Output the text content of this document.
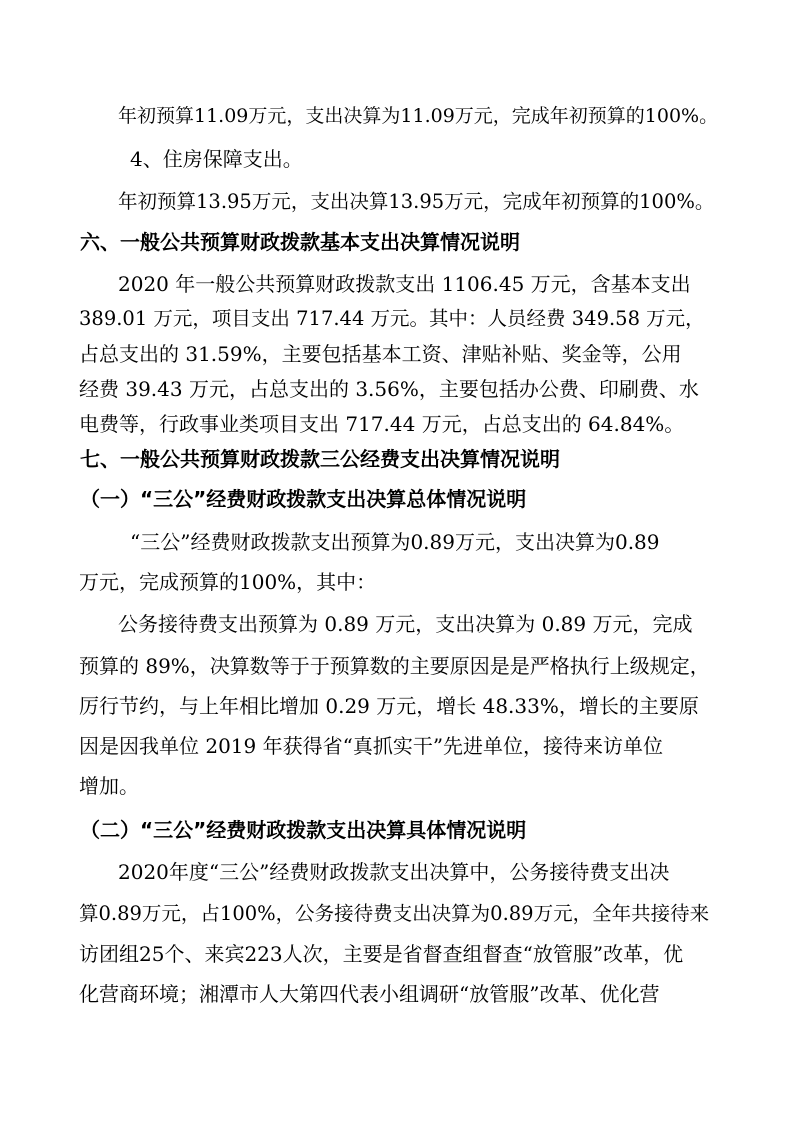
年初预算11.09万元，支出决算为11.09万元，完成年初预算的100%。
4、住房保障支出。
年初预算13.95万元，支出决算13.95万元，完成年初预算的100%。
六、一般公共预算财政拨款基本支出决算情况说明
2020 年一般公共预算财政拨款支出 1106.45 万元，含基本支出
389.01 万元，项目支出 717.44 万元。其中：人员经费 349.58 万元，
占总支出的 31.59%，主要包括基本工资、津贴补贴、奖金等，公用
经费 39.43 万元，占总支出的 3.56%，主要包括办公费、印刷费、水
电费等，行政事业类项目支出 717.44 万元，占总支出的 64.84%。
七、一般公共预算财政拨款三公经费支出决算情况说明
（一）“三公”经费财政拨款支出决算总体情况说明
“三公”经费财政拨款支出预算为0.89万元，支出决算为0.89
万元，完成预算的100%，其中：
公务接待费支出预算为 0.89 万元，支出决算为 0.89 万元，完成
预算的 89%，决算数等于于预算数的主要原因是是严格执行上级规定，
厉行节约，与上年相比增加 0.29 万元，增长 48.33%，增长的主要原
因是因我单位 2019 年获得省“真抓实干”先进单位，接待来访单位
增加。
（二）“三公”经费财政拨款支出决算具体情况说明
2020年度“三公”经费财政拨款支出决算中，公务接待费支出决
算0.89万元，占100%，公务接待费支出决算为0.89万元，全年共接待来
访团组25个、来宾223人次，主要是省督查组督查“放管服”改革，优
化营商环境；湘潭市人大第四代表小组调研“放管服”改革、优化营
